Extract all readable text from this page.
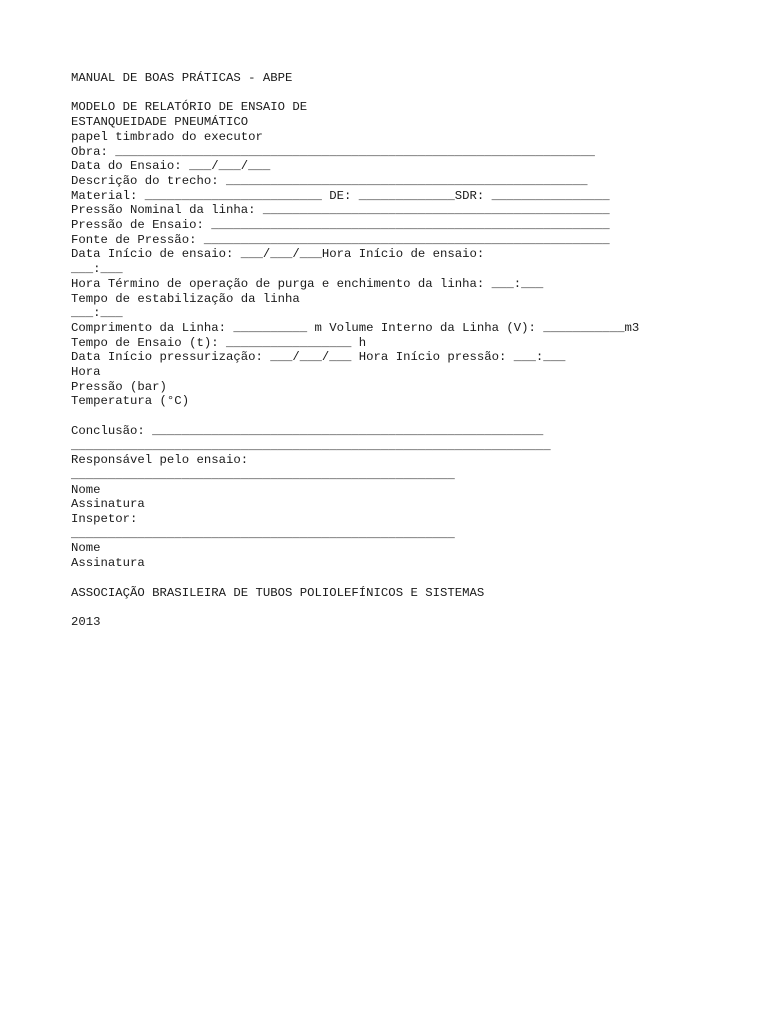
MANUAL DE BOAS PRÁTICAS - ABPE
MODELO DE RELATÓRIO DE ENSAIO DE
ESTANQUEIDADE PNEUMÁTICO
papel timbrado do executor
Obra: _________________________________________________________________
Data do Ensaio: ___/___/___
Descrição do trecho: _________________________________________________
Material: ________________________ DE: _____________SDR: ________________
Pressão Nominal da linha: _______________________________________________
Pressão de Ensaio: ______________________________________________________
Fonte de Pressão: _______________________________________________________
Data Início de ensaio: ___/___/___Hora Início de ensaio:
___:___
Hora Término de operação de purga e enchimento da linha: ___:___
Tempo de estabilização da linha
___:___
Comprimento da Linha: __________ m Volume Interno da Linha (V): ___________m3
Tempo de Ensaio (t): _________________ h
Data Início pressurização: ___/___/___ Hora Início pressão: ___:___
Hora
Pressão (bar)
Temperatura (°C)
Conclusão: _____________________________________________________
_________________________________________________________________
Responsável pelo ensaio:
____________________________________________________
Nome
Assinatura
Inspetor:
____________________________________________________
Nome
Assinatura
ASSOCIAÇÃO BRASILEIRA DE TUBOS POLIOLEFÍNICOS E SISTEMAS
2013
